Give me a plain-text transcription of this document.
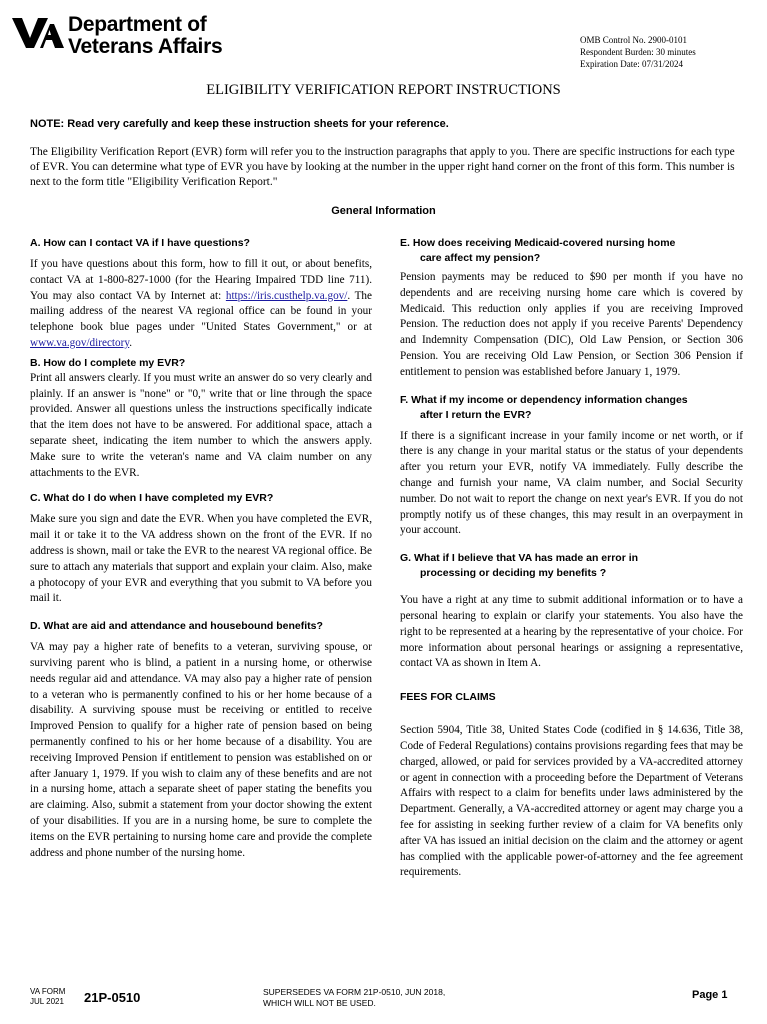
Department of
Veterans Affairs	OMB Control No. 2900-0101
Respondent Burden: 30 minutes
Expiration Date: 07/31/2024
ELIGIBILITY VERIFICATION REPORT INSTRUCTIONS
NOTE: Read very carefully and keep these instruction sheets for your reference.
The Eligibility Verification Report (EVR) form will refer you to the instruction paragraphs that apply to you. There are specific instructions for each type of EVR. You can determine what type of EVR you have by looking at the number in the upper right hand corner on the front of this form. This number is next to the form title "Eligibility Verification Report."
General Information
A. How can I contact VA if I have questions?
If you have questions about this form, how to fill it out, or about benefits, contact VA at 1-800-827-1000 (for the Hearing Impaired TDD line 711). You may also contact VA by Internet at: https://iris.custhelp.va.gov/. The mailing address of the nearest VA regional office can be found in your telephone book blue pages under "United States Government," or at www.va.gov/directory.
B. How do I complete my EVR?
Print all answers clearly. If you must write an answer do so very clearly and plainly. If an answer is "none" or "0," write that or line through the space provided. Answer all questions unless the instructions specifically indicate that the item does not have to be answered. For additional space, attach a separate sheet, indicating the item number to which the answers apply. Make sure to write the veteran's name and VA claim number on any attachments to the EVR.
C. What do I do when I have completed my EVR?
Make sure you sign and date the EVR. When you have completed the EVR, mail it or take it to the VA address shown on the front of the EVR. If no address is shown, mail or take the EVR to the nearest VA regional office. Be sure to attach any materials that support and explain your claim. Also, make a photocopy of your EVR and everything that you submit to VA before you mail it.
D. What are aid and attendance and housebound benefits?
VA may pay a higher rate of benefits to a veteran, surviving spouse, or surviving parent who is blind, a patient in a nursing home, or otherwise needs regular aid and attendance. VA may also pay a higher rate of pension to a veteran who is permanently confined to his or her home because of a disability. A surviving spouse must be receiving or entitled to receive Improved Pension to qualify for a higher rate of pension based on being permanently confined to his or her home because of a disability. You are receiving Improved Pension if entitlement to pension was established on or after January 1, 1979. If you wish to claim any of these benefits and are not in a nursing home, attach a separate sheet of paper stating the benefits you are claiming. Also, submit a statement from your doctor showing the extent of your disabilities. If you are in a nursing home, be sure to complete the items on the EVR pertaining to nursing home care and provide the complete address and phone number of the nursing home.
E. How does receiving Medicaid-covered nursing home
care affect my pension?
Pension payments may be reduced to $90 per month if you have no dependents and are receiving nursing home care which is covered by Medicaid. This reduction only applies if you are receiving Improved Pension. The reduction does not apply if you receive Parents' Dependency and Indemnity Compensation (DIC), Old Law Pension, or Section 306 Pension. You are receiving Old Law Pension, or Section 306 Pension if entitlement to pension was established before January 1, 1979.
F. What if my income or dependency information changes
after I return the EVR?
If there is a significant increase in your family income or net worth, or if there is any change in your marital status or the status of your dependents after you return your EVR, notify VA immediately. Fully describe the change and furnish your name, VA claim number, and Social Security number. Do not wait to report the change on next year's EVR. If you do not promptly notify us of these changes, this may result in an overpayment in your account.
G. What if I believe that VA has made an error in
processing or deciding my benefits ?
You have a right at any time to submit additional information or to have a personal hearing to explain or clarify your statements. You also have the right to be represented at a hearing by the representative of your choice. For more information about personal hearings or assigning a representative, contact VA as shown in Item A.
FEES FOR CLAIMS
Section 5904, Title 38, United States Code (codified in § 14.636, Title 38, Code of Federal Regulations) contains provisions regarding fees that may be charged, allowed, or paid for services provided by a VA-accredited attorney or agent in connection with a proceeding before the Department of Veterans Affairs with respect to a claim for benefits under laws administered by the Department. Generally, a VA-accredited attorney or agent may charge you a fee for assisting in seeking further review of a claim for VA benefits only after VA has issued an initial decision on the claim and the attorney or agent has complied with the applicable power-of-attorney and the fee agreement requirements.
VA FORM
JUL 2021 21P-0510	SUPERSEDES VA FORM 21P-0510, JUN 2018,
WHICH WILL NOT BE USED.
Page 1
